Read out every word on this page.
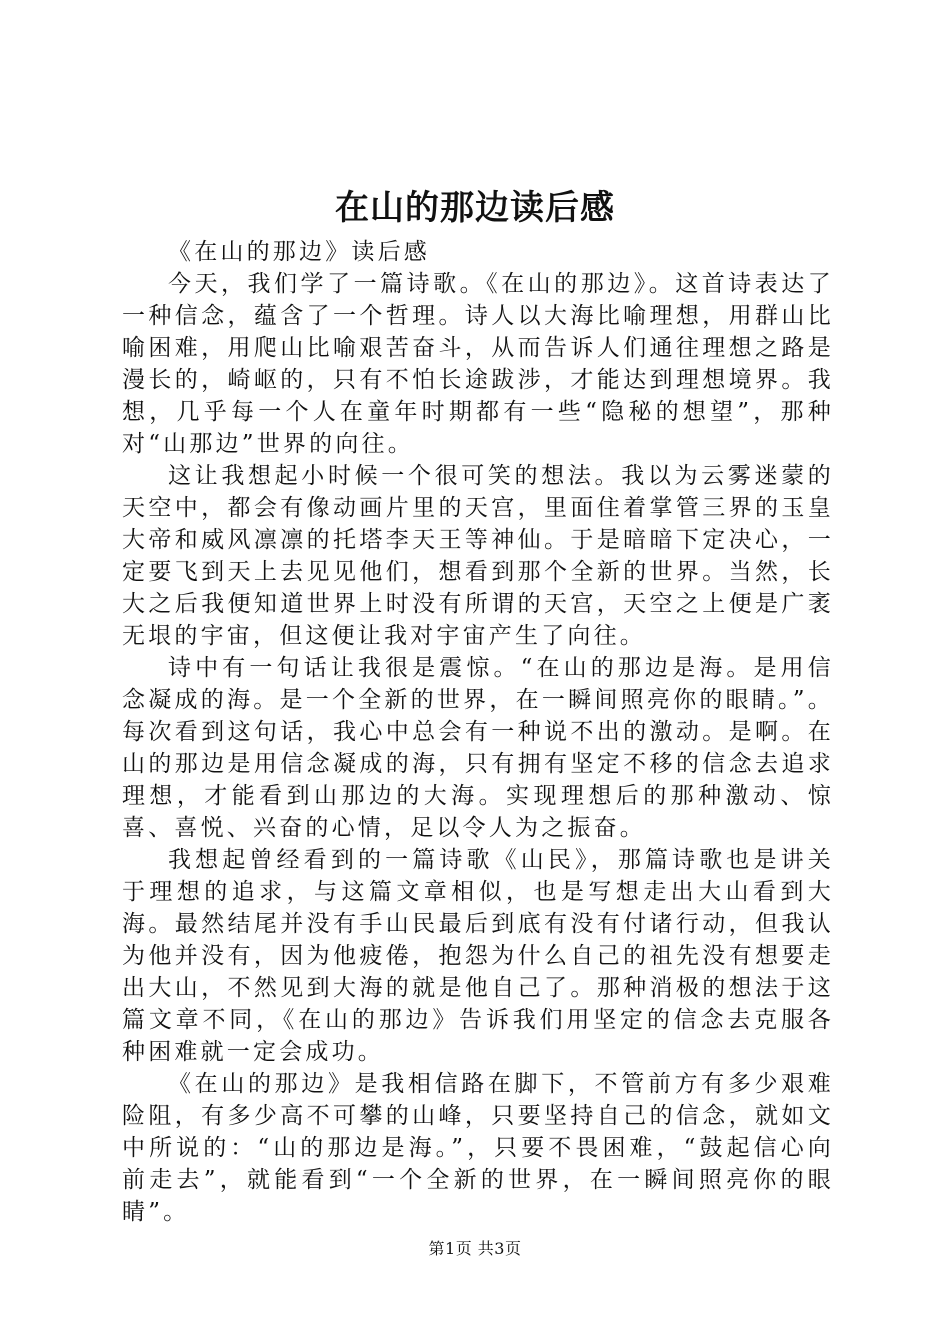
在山的那边读后感

《在山的那边》读后感

今天，我们学了一篇诗歌。《在山的那边》。这首诗表达了一种信念，蕴含了一个哲理。诗人以大海比喻理想，用群山比喻困难，用爬山比喻艰苦奋斗，从而告诉人们通往理想之路是漫长的，崎岖的，只有不怕长途跋涉，才能达到理想境界。我想，几乎每一个人在童年时期都有一些“隐秘的想望”，那种对“山那边”世界的向往。

这让我想起小时候一个很可笑的想法。我以为云雾迷蒙的天空中，都会有像动画片里的天宫，里面住着掌管三界的玉皇大帝和威风凛凛的托塔李天王等神仙。于是暗暗下定决心，一定要飞到天上去见见他们，想看到那个全新的世界。当然，长大之后我便知道世界上时没有所谓的天宫，天空之上便是广袤无垠的宇宙，但这便让我对宇宙产生了向往。

诗中有一句话让我很是震惊。“在山的那边是海。是用信念凝成的海。是一个全新的世界，在一瞬间照亮你的眼睛。”。每次看到这句话，我心中总会有一种说不出的激动。是啊。在山的那边是用信念凝成的海，只有拥有坚定不移的信念去追求理想，才能看到山那边的大海。实现理想后的那种激动、惊喜、喜悦、兴奋的心情，足以令人为之振奋。

我想起曾经看到的一篇诗歌《山民》，那篇诗歌也是讲关于理想的追求，与这篇文章相似，也是写想走出大山看到大海。最然结尾并没有手山民最后到底有没有付诸行动，但我认为他并没有，因为他疲倦，抱怨为什么自己的祖先没有想要走出大山，不然见到大海的就是他自己了。那种消极的想法于这篇文章不同，《在山的那边》告诉我们用坚定的信念去克服各种困难就一定会成功。

《在山的那边》是我相信路在脚下，不管前方有多少艰难险阻，有多少高不可攀的山峰，只要坚持自己的信念，就如文中所说的：“山的那边是海。”，只要不畏困难，“鼓起信心向前走去”，就能看到“一个全新的世界，在一瞬间照亮你的眼睛”。

第1页 共3页
